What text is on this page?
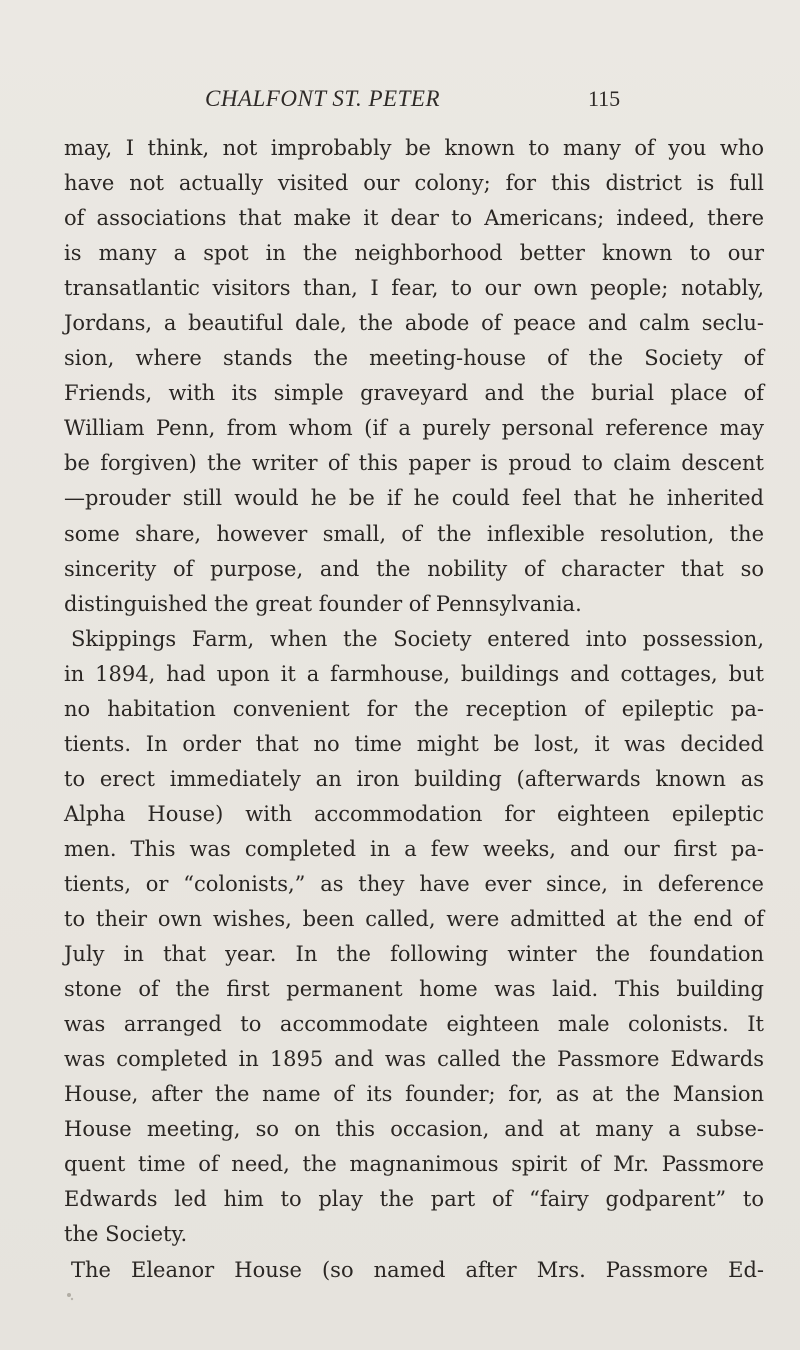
CHALFONT ST. PETER	115
may, I think, not improbably be known to many of you who
have not actually visited our colony; for this district is full
of associations that make it dear to Americans; indeed, there
is many a spot in the neighborhood better known to our
transatlantic visitors than, I fear, to our own people; notably,
Jordans, a beautiful dale, the abode of peace and calm seclu-
sion, where stands the meeting-house of the Society of
Friends, with its simple graveyard and the burial place of
William Penn, from whom (if a purely personal reference may
be forgiven) the writer of this paper is proud to claim descent
—prouder still would he be if he could feel that he inherited
some share, however small, of the inflexible resolution, the
sincerity of purpose, and the nobility of character that so
distinguished the great founder of Pennsylvania.
Skippings Farm, when the Society entered into possession,
in 1894, had upon it a farmhouse, buildings and cottages, but
no habitation convenient for the reception of epileptic pa-
tients. In order that no time might be lost, it was decided
to erect immediately an iron building (afterwards known as
Alpha House) with accommodation for eighteen epileptic
men. This was completed in a few weeks, and our first pa-
tients, or “colonists,” as they have ever since, in deference
to their own wishes, been called, were admitted at the end of
July in that year. In the following winter the foundation
stone of the first permanent home was laid. This building
was arranged to accommodate eighteen male colonists. It
was completed in 1895 and was called the Passmore Edwards
House, after the name of its founder; for, as at the Mansion
House meeting, so on this occasion, and at many a subse-
quent time of need, the magnanimous spirit of Mr. Passmore
Edwards led him to play the part of “fairy godparent” to
the Society.
The Eleanor House (so named after Mrs. Passmore Ed-
